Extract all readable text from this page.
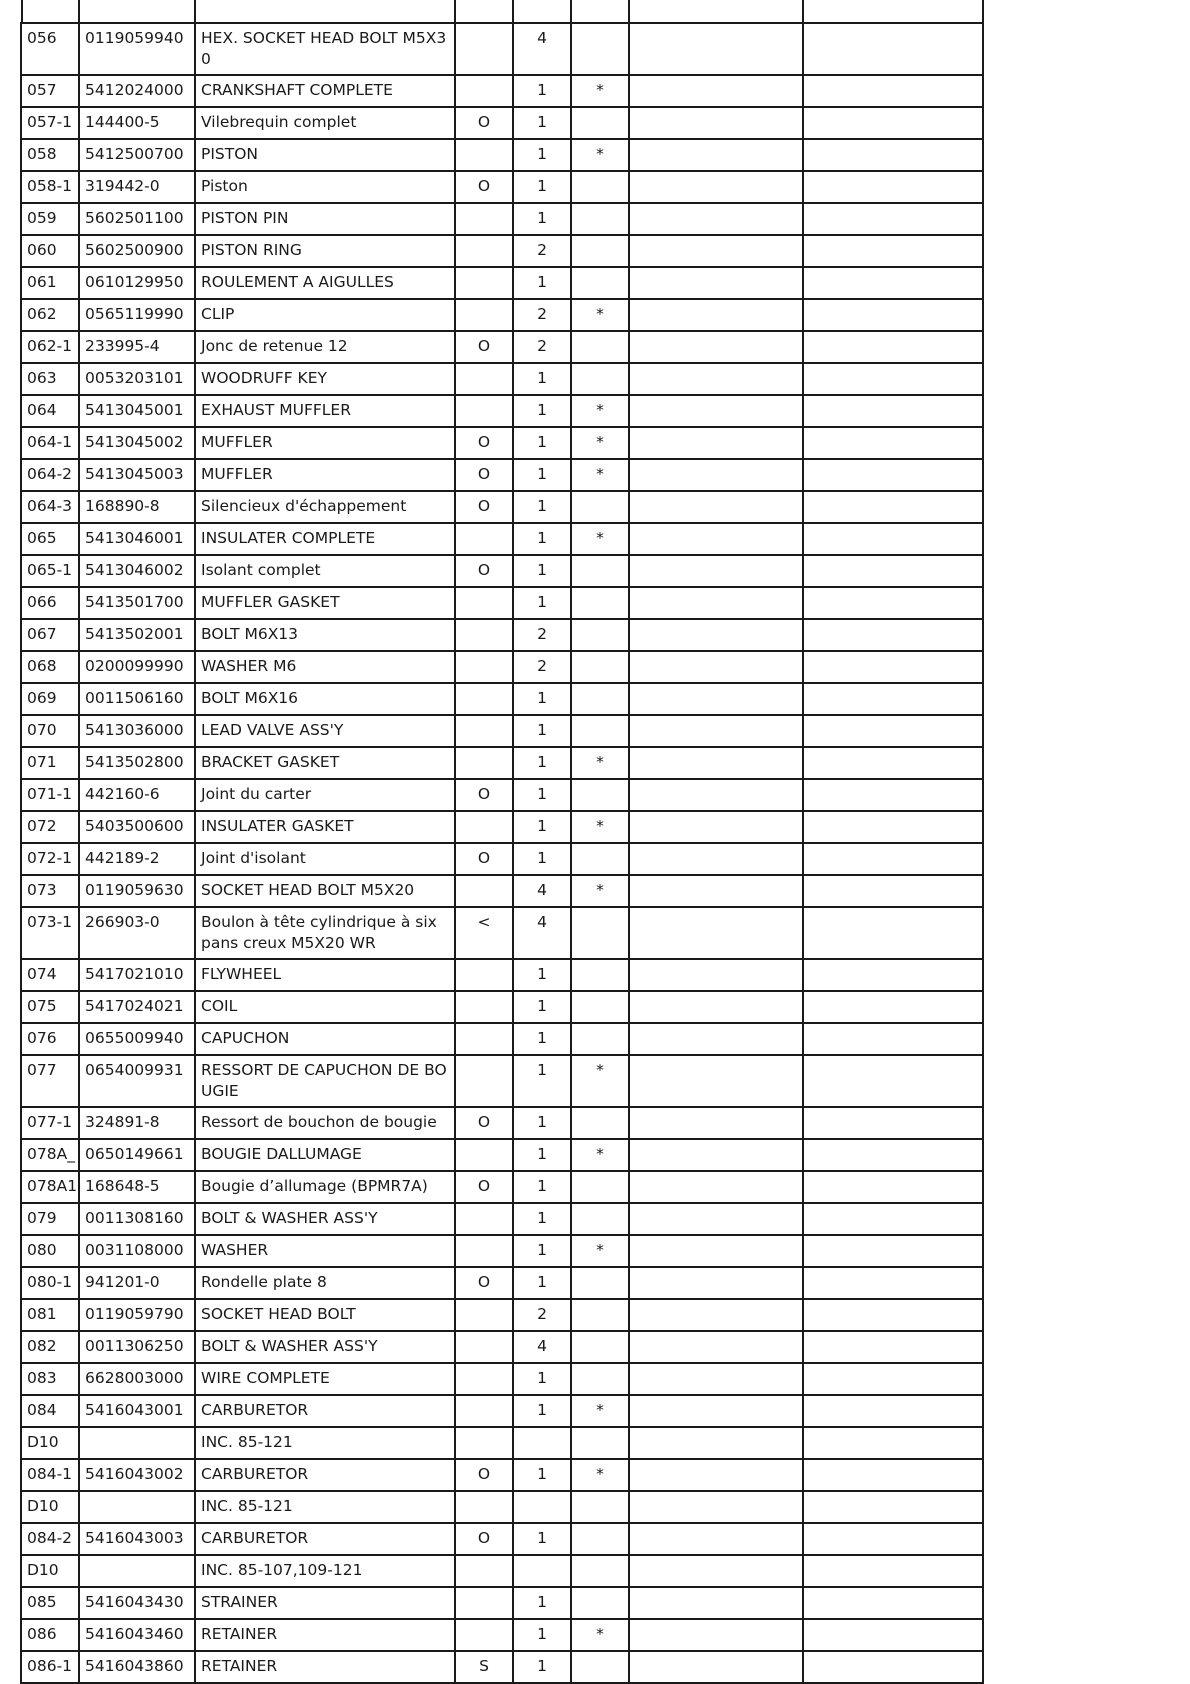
056	0119059940	HEX. SOCKET HEAD BOLT M5X30		4			
057	5412024000	CRANKSHAFT COMPLETE		1	*		
057-1	144400-5	Vilebrequin complet	O	1			
058	5412500700	PISTON		1	*		
058-1	319442-0	Piston	O	1			
059	5602501100	PISTON PIN		1			
060	5602500900	PISTON RING		2			
061	0610129950	ROULEMENT A AIGULLES		1			
062	0565119990	CLIP		2	*		
062-1	233995-4	Jonc de retenue 12	O	2			
063	0053203101	WOODRUFF KEY		1			
064	5413045001	EXHAUST MUFFLER		1	*		
064-1	5413045002	MUFFLER	O	1	*		
064-2	5413045003	MUFFLER	O	1	*		
064-3	168890-8	Silencieux d'échappement	O	1			
065	5413046001	INSULATER COMPLETE		1	*		
065-1	5413046002	Isolant complet	O	1			
066	5413501700	MUFFLER GASKET		1			
067	5413502001	BOLT M6X13		2			
068	0200099990	WASHER M6		2			
069	0011506160	BOLT M6X16		1			
070	5413036000	LEAD VALVE ASS'Y		1			
071	5413502800	BRACKET GASKET		1	*		
071-1	442160-6	Joint du carter	O	1			
072	5403500600	INSULATER GASKET		1	*		
072-1	442189-2	Joint d'isolant	O	1			
073	0119059630	SOCKET HEAD BOLT M5X20		4	*		
073-1	266903-0	Boulon à tête cylindrique à six pans creux M5X20 WR	<	4			
074	5417021010	FLYWHEEL		1			
075	5417024021	COIL		1			
076	0655009940	CAPUCHON		1			
077	0654009931	RESSORT DE CAPUCHON DE BOUGIE		1	*		
077-1	324891-8	Ressort de bouchon de bougie	O	1			
078A_	0650149661	BOUGIE DALLUMAGE		1	*		
078A1	168648-5	Bougie d’allumage (BPMR7A)	O	1			
079	0011308160	BOLT & WASHER ASS'Y		1			
080	0031108000	WASHER		1	*		
080-1	941201-0	Rondelle plate 8	O	1			
081	0119059790	SOCKET HEAD BOLT		2			
082	0011306250	BOLT & WASHER ASS'Y		4			
083	6628003000	WIRE COMPLETE		1			
084	5416043001	CARBURETOR		1	*		
D10		INC. 85-121					
084-1	5416043002	CARBURETOR	O	1	*		
D10		INC. 85-121					
084-2	5416043003	CARBURETOR	O	1			
D10		INC. 85-107,109-121					
085	5416043430	STRAINER		1			
086	5416043460	RETAINER		1	*		
086-1	5416043860	RETAINER	S	1			
